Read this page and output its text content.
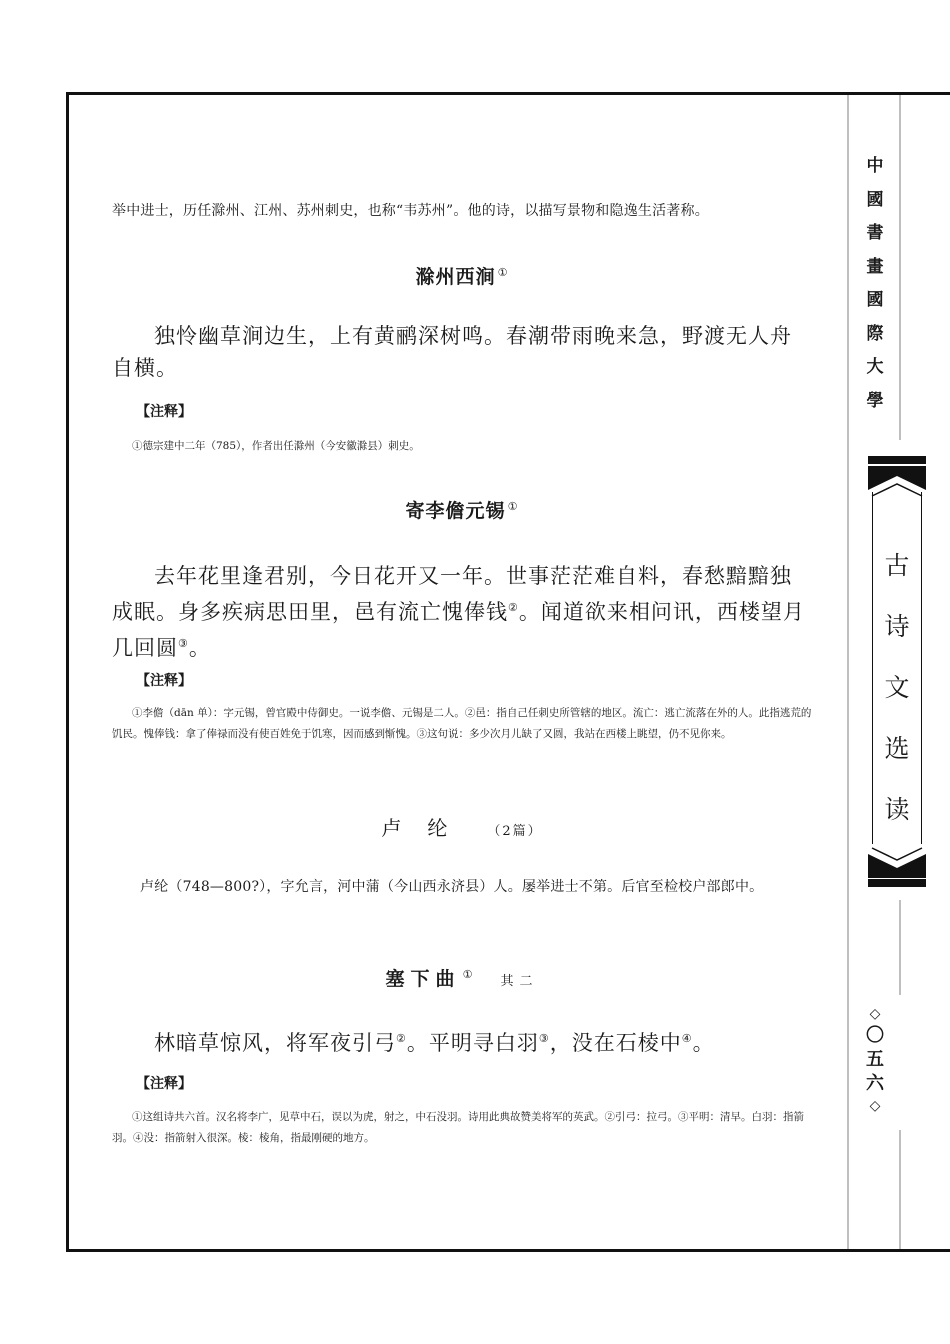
中
國
書
畫
國
際
大
學
古
诗
文
选
读
◇
〇
五
六
◇

举中进士，历任滁州、江州、苏州刺史，也称“韦苏州”。他的诗，以描写景物和隐逸生活著称。

滁州西涧 ①

独怜幽草涧边生，上有黄鹂深树鸣。春潮带雨晚来急，野渡无人舟自横。

【注释】

①德宗建中二年（785），作者出任滁州（今安徽滁县）刺史。

寄李儋元锡 ①

去年花里逢君别，今日花开又一年。世事茫茫难自料，春愁黯黯独成眠。身多疾病思田里，邑有流亡愧俸钱②。闻道欲来相问讯，西楼望月几回圆③。

【注释】

①李儋（dān 单）：字元锡，曾官殿中侍御史。一说李儋、元锡是二人。②邑：指自己任刺史所管辖的地区。流亡：逃亡流落在外的人。此指逃荒的饥民。愧俸钱：拿了俸禄而没有使百姓免于饥寒，因而感到惭愧。③这句说：多少次月儿缺了又圆，我站在西楼上眺望，仍不见你来。

卢纶 （2篇）

卢纶（748—800?），字允言，河中蒲（今山西永济县）人。屡举进士不第。后官至检校户部郎中。

塞下曲 ① 其二

林暗草惊风，将军夜引弓②。平明寻白羽③，没在石棱中④。

【注释】

①这组诗共六首。汉名将李广，见草中石，误以为虎，射之，中石没羽。诗用此典故赞美将军的英武。②引弓：拉弓。③平明：清早。白羽：指箭羽。④没：指箭射入很深。棱：棱角，指最刚硬的地方。
